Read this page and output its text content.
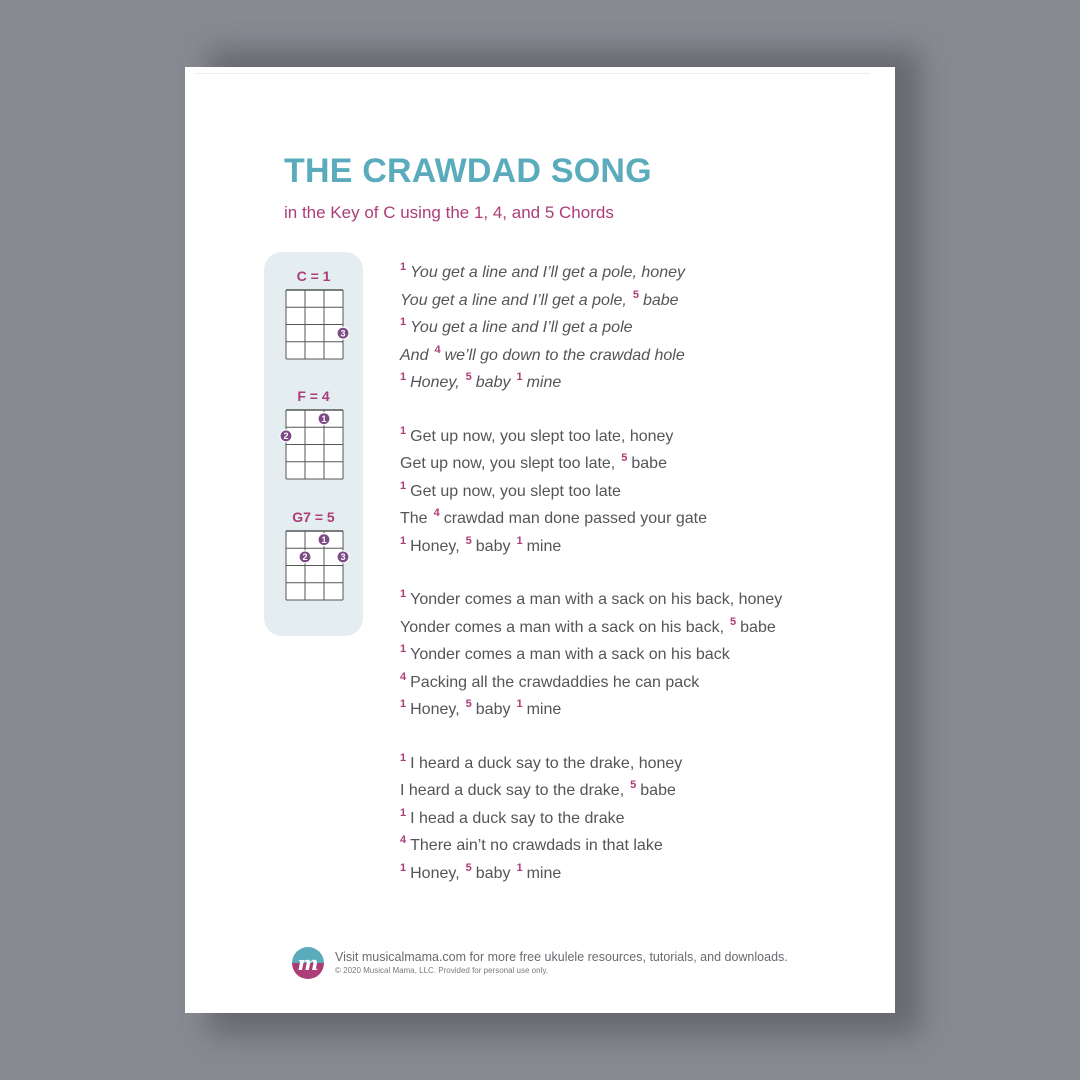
THE CRAWDAD SONG
in the Key of C using the 1, 4, and 5 Chords
C = 1
3
F = 4
1
2
G7 = 5
1
2	3
$^1$ You get a line and I’ll get a pole, honey
You get a line and I’ll get a pole, $^5$ babe
$^1$ You get a line and I’ll get a pole
And $^4$ we’ll go down to the crawdad hole
$^1$ Honey, $^5$ baby $^1$ mine
$^1$ Get up now, you slept too late, honey
Get up now, you slept too late, $^5$ babe
$^1$ Get up now, you slept too late
The $^4$ crawdad man done passed your gate
$^1$ Honey, $^5$ baby $^1$ mine
$^1$ Yonder comes a man with a sack on his back, honey
Yonder comes a man with a sack on his back, $^5$ babe
$^1$ Yonder comes a man with a sack on his back
$^4$ Packing all the crawdaddies he can pack
$^1$ Honey, $^5$ baby $^1$ mine
$^1$ I heard a duck say to the drake, honey
I heard a duck say to the drake, $^5$ babe
$^1$ I head a duck say to the drake
$^4$ There ain’t no crawdads in that lake
$^1$ Honey, $^5$ baby $^1$ mine
m Visit musicalmama.com for more free ukulele resources, tutorials, and downloads.
© 2020 Musical Mama, LLC. Provided for personal use only.
